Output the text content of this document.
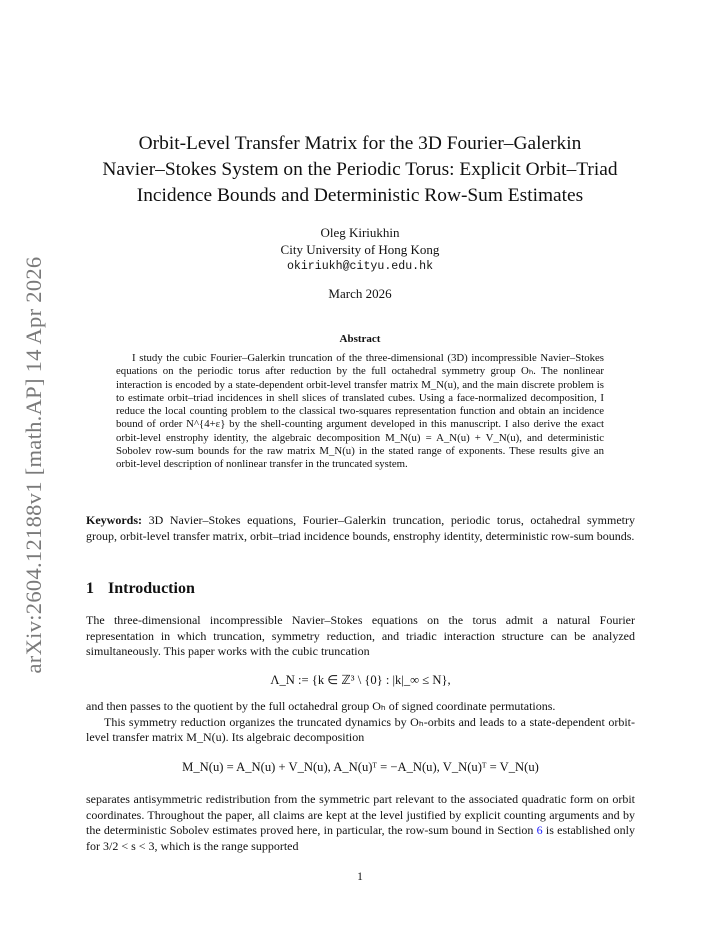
arXiv:2604.12188v1 [math.AP] 14 Apr 2026
Orbit-Level Transfer Matrix for the 3D Fourier–Galerkin
Navier–Stokes System on the Periodic Torus: Explicit Orbit–Triad
Incidence Bounds and Deterministic Row-Sum Estimates
Oleg Kiriukhin
City University of Hong Kong
okiriukh@cityu.edu.hk
March 2026
Abstract

I study the cubic Fourier–Galerkin truncation of the three-dimensional (3D) incompressible Navier–Stokes equations on the periodic torus after reduction by the full octahedral symmetry group Oₕ. The nonlinear interaction is encoded by a state-dependent orbit-level transfer matrix M_N(u), and the main discrete problem is to estimate orbit–triad incidences in shell slices of translated cubes. Using a face-normalized decomposition, I reduce the local counting problem to the classical two-squares representation function and obtain an incidence bound of order N^{4+ε} by the shell-counting argument developed in this manuscript. I also derive the exact orbit-level enstrophy identity, the algebraic decomposition M_N(u) = A_N(u) + V_N(u), and deterministic Sobolev row-sum bounds for the raw matrix M_N(u) in the stated range of exponents. These results give an orbit-level description of nonlinear transfer in the truncated system.

Keywords: 3D Navier–Stokes equations, Fourier–Galerkin truncation, periodic torus, octahedral symmetry group, orbit-level transfer matrix, orbit–triad incidence bounds, enstrophy identity, deterministic row-sum bounds.

1 Introduction

The three-dimensional incompressible Navier–Stokes equations on the torus admit a natural Fourier representation in which truncation, symmetry reduction, and triadic interaction structure can be analyzed simultaneously. This paper works with the cubic truncation

Λ_N := {k ∈ ℤ³ \ {0} : |k|_∞ ≤ N},
and then passes to the quotient by the full octahedral group Oₕ of signed coordinate permutations.
This symmetry reduction organizes the truncated dynamics by Oₕ-orbits and leads to a state-dependent orbit-level transfer matrix M_N(u). Its algebraic decomposition
M_N(u) = A_N(u) + V_N(u), A_N(u)ᵀ = −A_N(u), V_N(u)ᵀ = V_N(u)

separates antisymmetric redistribution from the symmetric part relevant to the associated quadratic form on orbit coordinates. Throughout the paper, all claims are kept at the level justified by explicit counting arguments and by the deterministic Sobolev estimates proved here, in particular, the row-sum bound in Section 6 is established only for 3/2 < s < 3, which is the range supported

1
